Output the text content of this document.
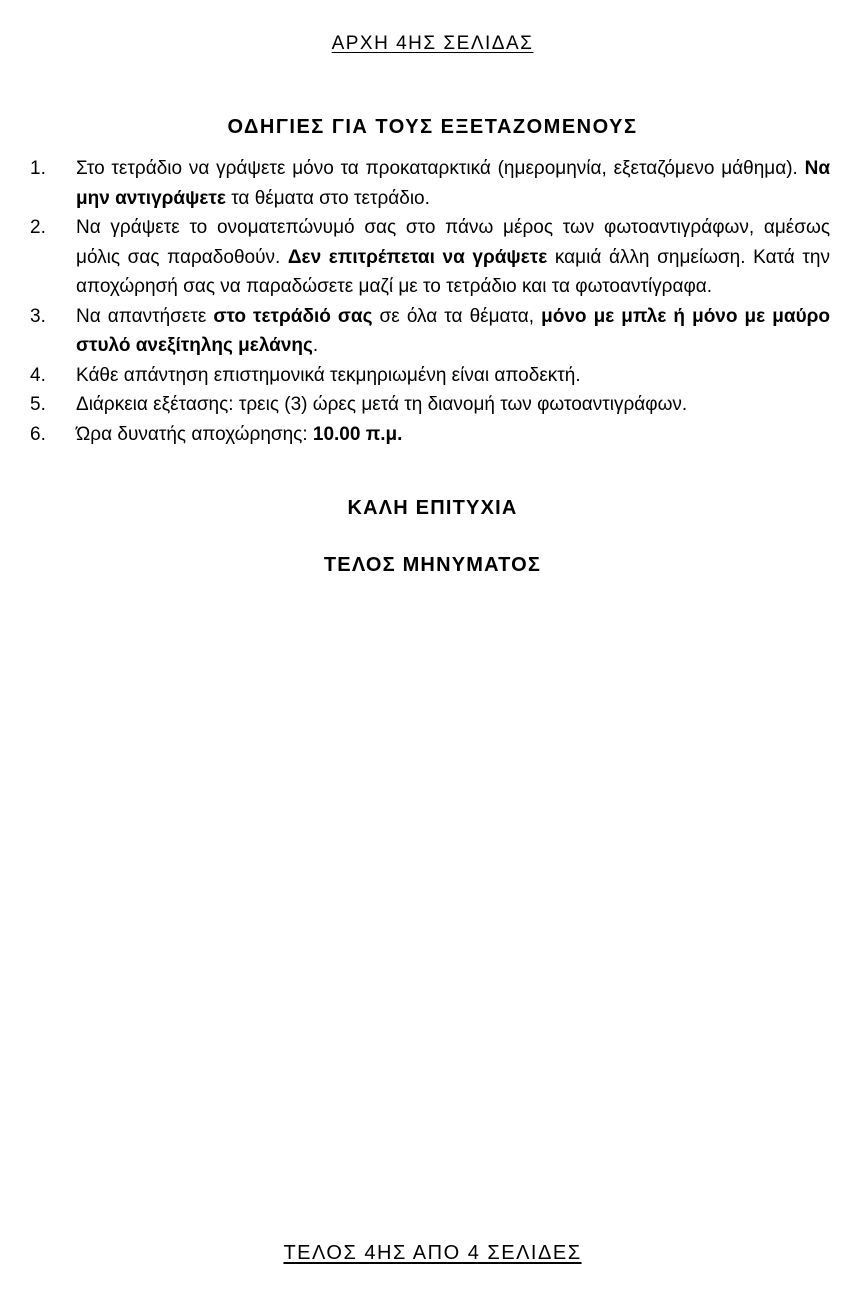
ΑΡΧΗ 4ΗΣ ΣΕΛΙΔΑΣ
ΟΔΗΓΙΕΣ ΓΙΑ ΤΟΥΣ ΕΞΕΤΑΖΟΜΕΝΟΥΣ
1. Στο τετράδιο να γράψετε μόνο τα προκαταρκτικά (ημερομηνία, εξεταζόμενο μάθημα). Να μην αντιγράψετε τα θέματα στο τετράδιο.
2. Να γράψετε το ονοματεπώνυμό σας στο πάνω μέρος των φωτοαντιγράφων, αμέσως μόλις σας παραδοθούν. Δεν επιτρέπεται να γράψετε καμιά άλλη σημείωση. Κατά την αποχώρησή σας να παραδώσετε μαζί με το τετράδιο και τα φωτοαντίγραφα.
3. Να απαντήσετε στο τετράδιό σας σε όλα τα θέματα, μόνο με μπλε ή μόνο με μαύρο στυλό ανεξίτηλης μελάνης.
4. Κάθε απάντηση επιστημονικά τεκμηριωμένη είναι αποδεκτή.
5. Διάρκεια εξέτασης: τρεις (3) ώρες μετά τη διανομή των φωτοαντιγράφων.
6. Ώρα δυνατής αποχώρησης: 10.00 π.μ.
ΚΑΛΗ ΕΠΙΤΥΧΙΑ
ΤΕΛΟΣ ΜΗΝΥΜΑΤΟΣ
ΤΕΛΟΣ 4ΗΣ ΑΠΟ 4 ΣΕΛΙΔΕΣ
